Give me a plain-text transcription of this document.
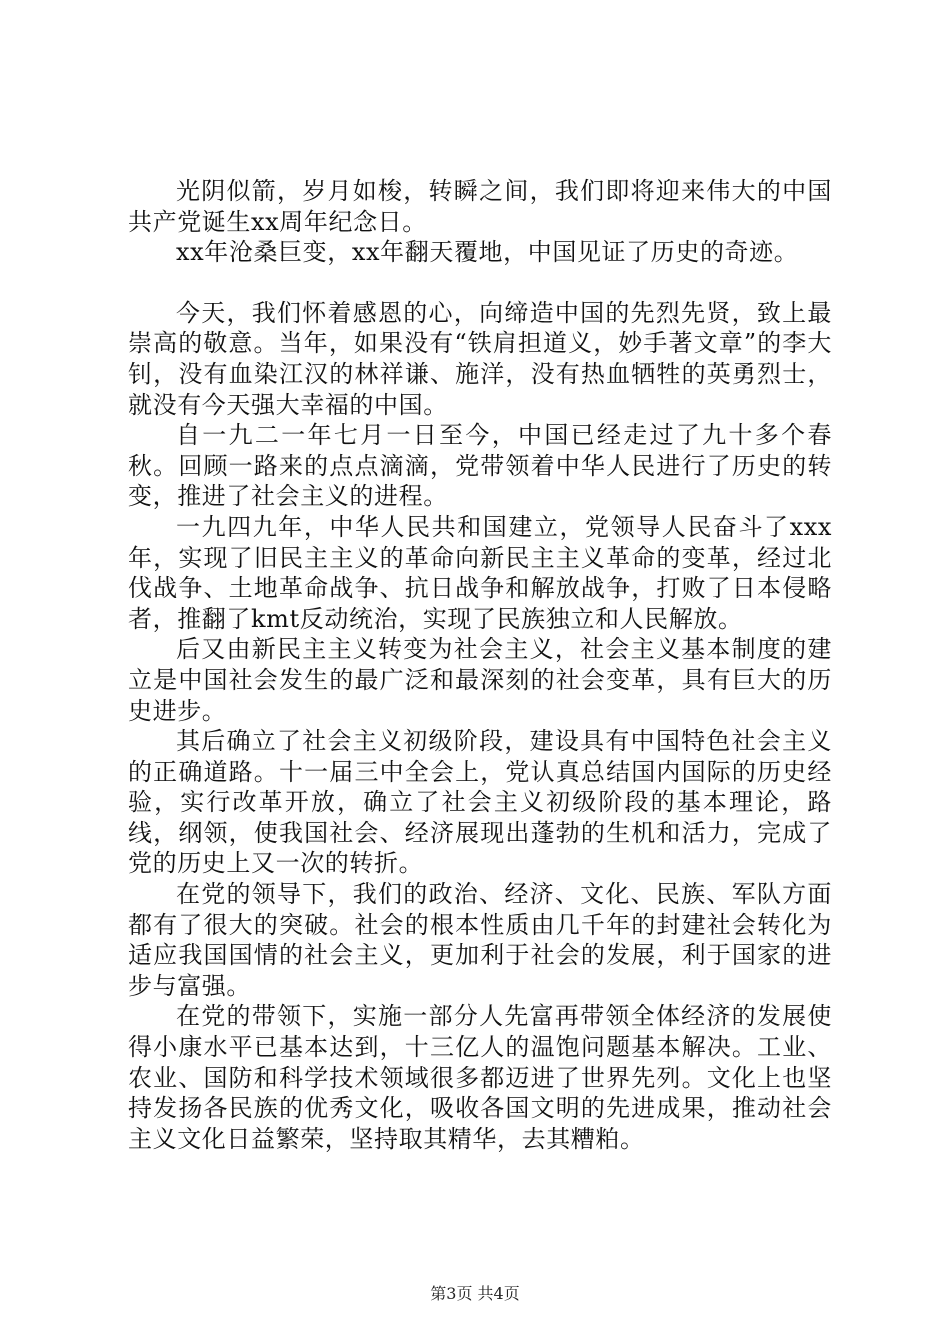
光阴似箭，岁月如梭，转瞬之间，我们即将迎来伟大的中国共产党诞生xx周年纪念日。

xx年沧桑巨变，xx年翻天覆地，中国见证了历史的奇迹。

今天，我们怀着感恩的心，向缔造中国的先烈先贤，致上最崇高的敬意。当年，如果没有“铁肩担道义，妙手著文章”的李大钊，没有血染江汉的林祥谦、施洋，没有热血牺牲的英勇烈士，就没有今天强大幸福的中国。

自一九二一年七月一日至今，中国已经走过了九十多个春秋。回顾一路来的点点滴滴，党带领着中华人民进行了历史的转变，推进了社会主义的进程。

一九四九年，中华人民共和国建立，党领导人民奋斗了xxx年，实现了旧民主主义的革命向新民主主义革命的变革，经过北伐战争、土地革命战争、抗日战争和解放战争，打败了日本侵略者，推翻了kmt反动统治，实现了民族独立和人民解放。

后又由新民主主义转变为社会主义，社会主义基本制度的建立是中国社会发生的最广泛和最深刻的社会变革，具有巨大的历史进步。

其后确立了社会主义初级阶段，建设具有中国特色社会主义的正确道路。十一届三中全会上，党认真总结国内国际的历史经验，实行改革开放，确立了社会主义初级阶段的基本理论，路线，纲领，使我国社会、经济展现出蓬勃的生机和活力，完成了党的历史上又一次的转折。

在党的领导下，我们的政治、经济、文化、民族、军队方面都有了很大的突破。社会的根本性质由几千年的封建社会转化为适应我国国情的社会主义，更加利于社会的发展，利于国家的进步与富强。

在党的带领下，实施一部分人先富再带领全体经济的发展使得小康水平已基本达到，十三亿人的温饱问题基本解决。工业、农业、国防和科学技术领域很多都迈进了世界先列。文化上也坚持发扬各民族的优秀文化，吸收各国文明的先进成果，推动社会主义文化日益繁荣，坚持取其精华，去其糟粕。

第3页 共4页
